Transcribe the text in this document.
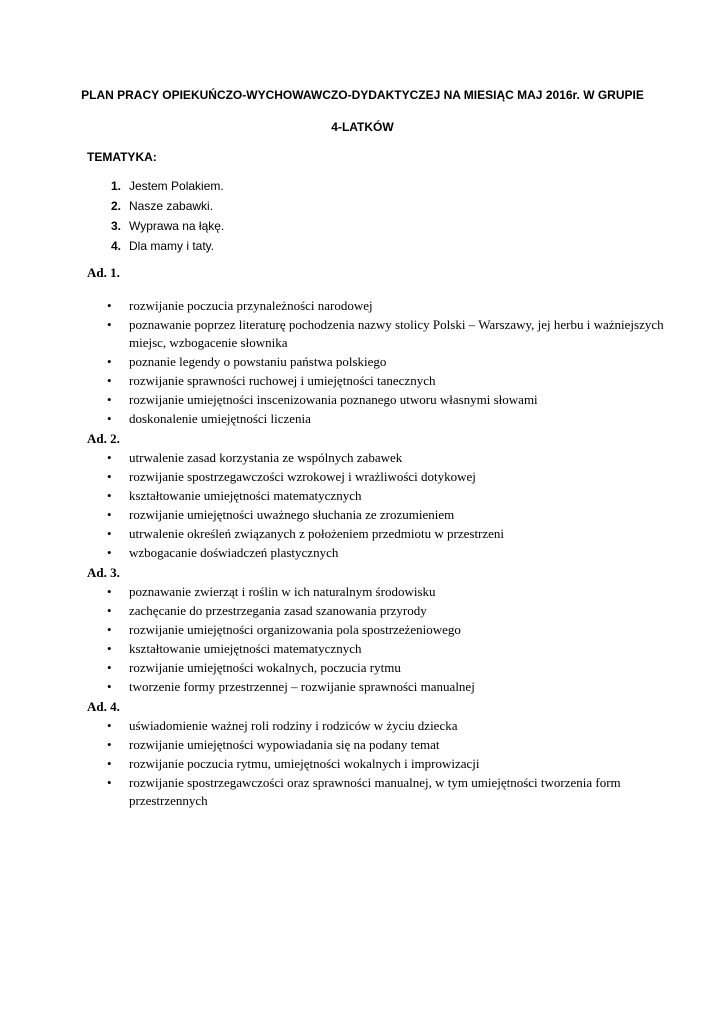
PLAN PRACY OPIEKUŃCZO-WYCHOWAWCZO-DYDAKTYCZEJ NA MIESIĄC MAJ 2016r. W GRUPIE

4-LATKÓW

TEMATYKA:

1. Jestem Polakiem.
2. Nasze zabawki.
3. Wyprawa na łąkę.
4. Dla mamy i taty.

Ad. 1.

•	rozwijanie poczucia przynależności narodowej
•	poznawanie poprzez literaturę pochodzenia nazwy stolicy Polski – Warszawy, jej herbu i ważniejszych miejsc, wzbogacenie słownika
•	poznanie legendy o powstaniu państwa polskiego
•	rozwijanie sprawności ruchowej i umiejętności tanecznych
•	rozwijanie umiejętności inscenizowania poznanego utworu własnymi słowami
•	doskonalenie umiejętności liczenia

Ad. 2.

•	utrwalenie zasad korzystania ze wspólnych zabawek
•	rozwijanie spostrzegawczości wzrokowej i wrażliwości dotykowej
•	kształtowanie umiejętności matematycznych
•	rozwijanie umiejętności uważnego słuchania ze zrozumieniem
•	utrwalenie określeń związanych z położeniem przedmiotu w przestrzeni
•	wzbogacanie doświadczeń plastycznych

Ad. 3.

•	poznawanie zwierząt i roślin w ich naturalnym środowisku
•	zachęcanie do przestrzegania zasad szanowania przyrody
•	rozwijanie umiejętności organizowania pola spostrzeżeniowego
•	kształtowanie umiejętności matematycznych
•	rozwijanie umiejętności wokalnych, poczucia rytmu
•	tworzenie formy przestrzennej – rozwijanie sprawności manualnej

Ad. 4.

•	uświadomienie ważnej roli rodziny i rodziców w życiu dziecka
•	rozwijanie umiejętności wypowiadania się na podany temat
•	rozwijanie poczucia rytmu, umiejętności wokalnych i improwizacji
•	rozwijanie spostrzegawczości oraz sprawności manualnej, w tym umiejętności tworzenia form przestrzennych
